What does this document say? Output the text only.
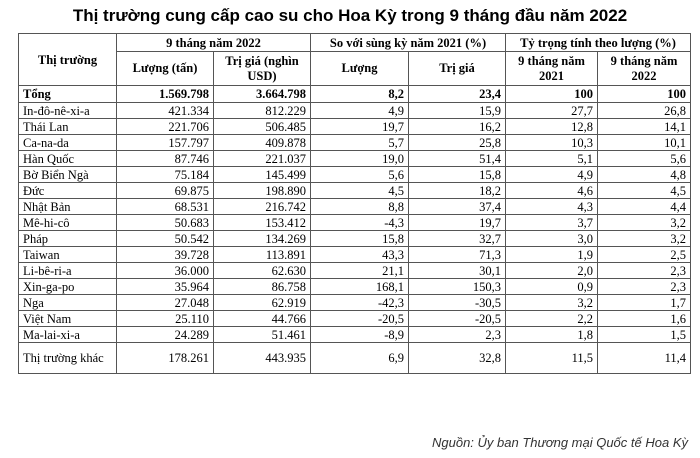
Thị trường cung cấp cao su cho Hoa Kỳ trong 9 tháng đầu năm 2022
Thị trường	9 tháng năm 2022		So với sùng kỳ năm 2021 (%)		Tỷ trọng tính theo lượng (%)	
	Lượng (tấn)	Trị giá (nghìn USD)	Lượng	Trị giá	9 tháng năm 2021	9 tháng năm 2022
Tổng	1.569.798	3.664.798	8,2	23,4	100	100
In-đô-nê-xi-a	421.334	812.229	4,9	15,9	27,7	26,8
Thái Lan	221.706	506.485	19,7	16,2	12,8	14,1
Ca-na-da	157.797	409.878	5,7	25,8	10,3	10,1
Hàn Quốc	87.746	221.037	19,0	51,4	5,1	5,6
Bờ Biển Ngà	75.184	145.499	5,6	15,8	4,9	4,8
Đức	69.875	198.890	4,5	18,2	4,6	4,5
Nhật Bản	68.531	216.742	8,8	37,4	4,3	4,4
Mê-hi-cô	50.683	153.412	-4,3	19,7	3,7	3,2
Pháp	50.542	134.269	15,8	32,7	3,0	3,2
Taiwan	39.728	113.891	43,3	71,3	1,9	2,5
Li-bê-ri-a	36.000	62.630	21,1	30,1	2,0	2,3
Xin-ga-po	35.964	86.758	168,1	150,3	0,9	2,3
Nga	27.048	62.919	-42,3	-30,5	3,2	1,7
Việt Nam	25.110	44.766	-20,5	-20,5	2,2	1,6
Ma-lai-xi-a	24.289	51.461	-8,9	2,3	1,8	1,5
Thị trường khác	178.261	443.935	6,9	32,8	11,5	11,4
Nguồn: Ủy ban Thương mại Quốc tế Hoa Kỳ
